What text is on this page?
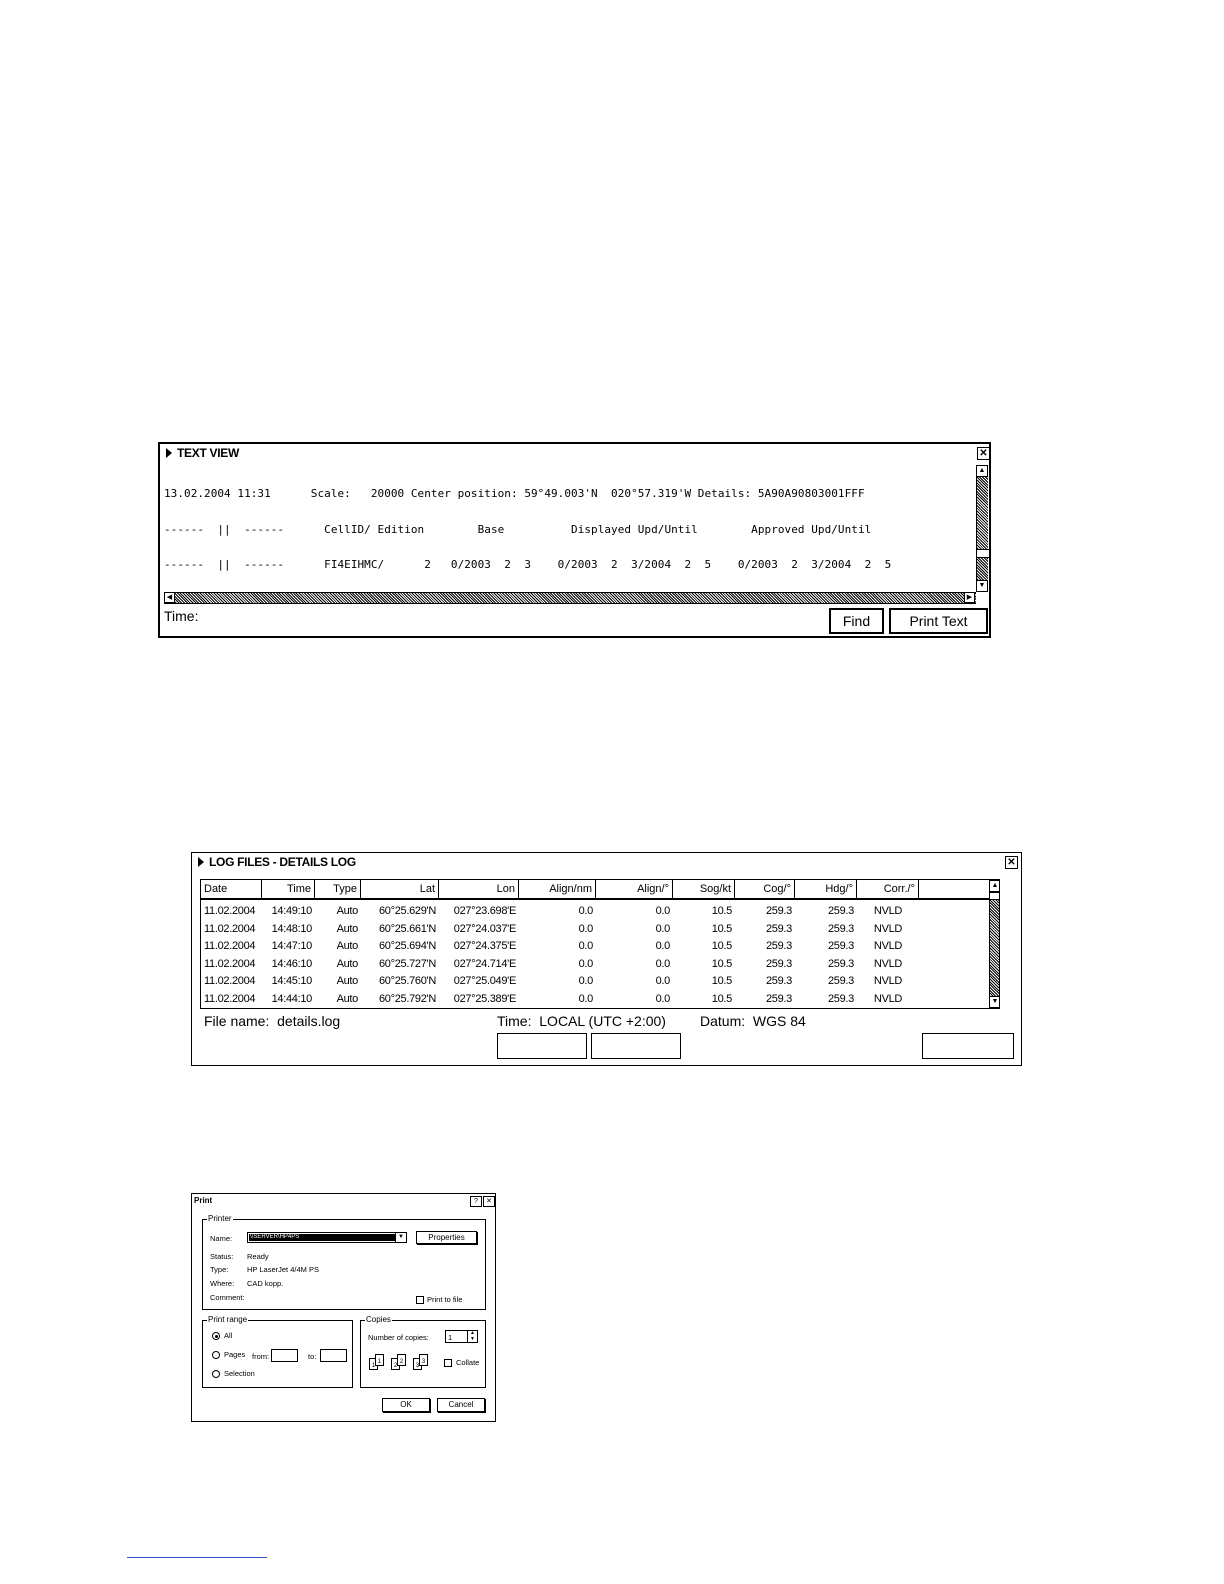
TEXT VIEW	✕

13.02.2004 11:31      Scale:   20000 Center position: 59°49.003'N  020°57.319'W Details: 5A90A90803001FFF

------  ||  ------      CellID/ Edition        Base          Displayed Upd/Until        Approved Upd/Until

------  ||  ------      FI4EIHMC/      2   0/2003  2  3    0/2003  2  3/2004  2  5    0/2003  2  3/2004  2  5

▲
▼
◀	▶
Time:	Find	Print Text
LOG FILES - DETAILS LOG	✕
Date	Time	Type	Lat	Lon	Align/nm	Align/°	Sog/kt	Cog/°	Hdg/°	Corr./°
11.02.2004	14:49:10	Auto	60°25.629'N	027°23.698'E	0.0	0.0	10.5	259.3	259.3	NVLD
11.02.2004	14:48:10	Auto	60°25.661'N	027°24.037'E	0.0	0.0	10.5	259.3	259.3	NVLD
11.02.2004	14:47:10	Auto	60°25.694'N	027°24.375'E	0.0	0.0	10.5	259.3	259.3	NVLD
11.02.2004	14:46:10	Auto	60°25.727'N	027°24.714'E	0.0	0.0	10.5	259.3	259.3	NVLD
11.02.2004	14:45:10	Auto	60°25.760'N	027°25.049'E	0.0	0.0	10.5	259.3	259.3	NVLD
11.02.2004	14:44:10	Auto	60°25.792'N	027°25.389'E	0.0	0.0	10.5	259.3	259.3	NVLD
▲
▼
File name: details.log	Time: LOCAL (UTC +2:00) Datum: WGS 84
Print	?	✕
Printer
Name:	\\SERVER\HP4PS	▼	Properties
Status: Ready
Type: HP LaserJet 4/4M PS
Where: CAD kopp.
Comment:	Print to file
Print range
All
Pages from:	to:
Selection
Copies
Number of copies:	1	▲
▼
1
1
2
2
3
3	Collate
OK	Cancel
